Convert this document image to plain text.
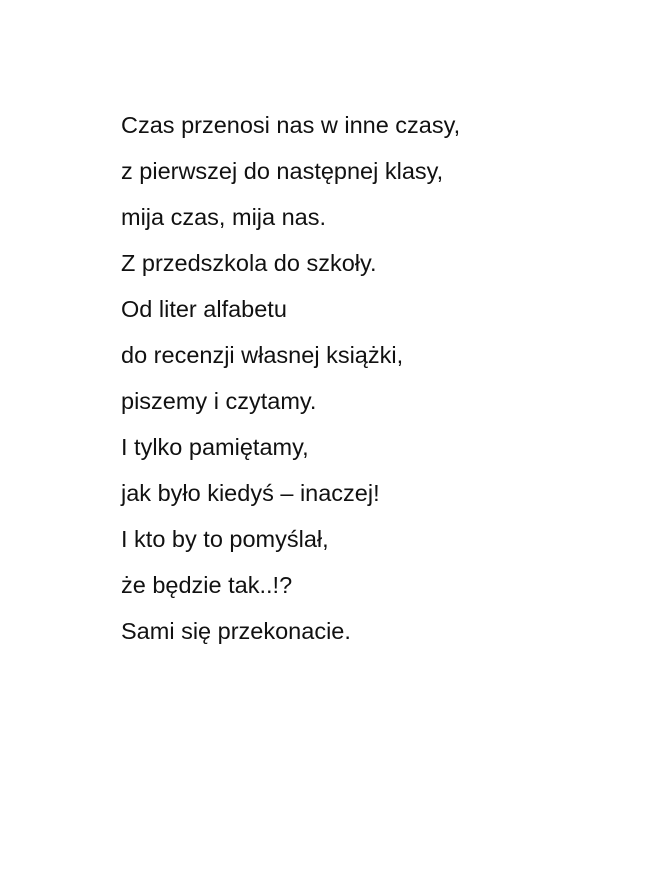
Czas przenosi nas w inne czasy,
z pierwszej do następnej klasy,
mija czas, mija nas.
Z przedszkola do szkoły.
Od liter alfabetu
do recenzji własnej książki,
piszemy i czytamy.
I tylko pamiętamy,
jak było kiedyś – inaczej!
I kto by to pomyślał,
że będzie tak..!?
Sami się przekonacie.
